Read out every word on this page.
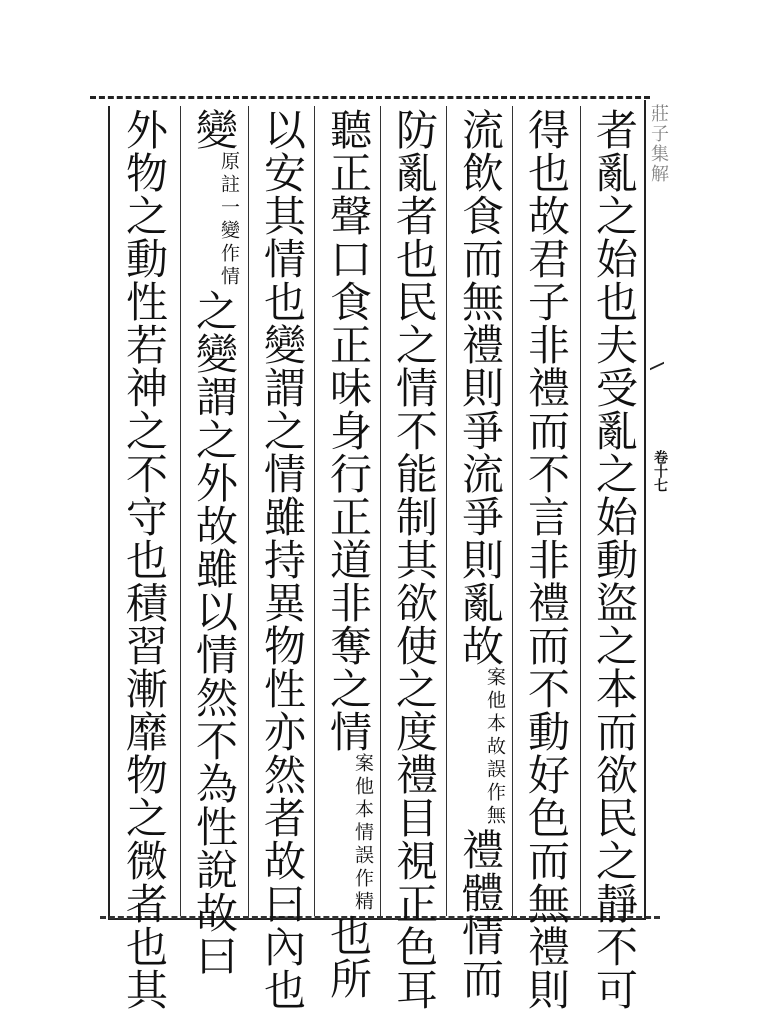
莊子集解
卷十七
者亂之始也夫受亂之始動盜之本而欲民之靜不可
得也故君子非禮而不言非禮而不動好色而無禮則
流飲食而無禮則爭流爭則亂故案他本故誤作無禮體情而
防亂者也民之情不能制其欲使之度禮目視正色耳
聽正聲口食正味身行正道非奪之情案他本情誤作精也所
以安其情也變謂之情雖持異物性亦然者故曰內也
變原註一變作情之變謂之外故雖以情然不為性說故曰
外物之動性若神之不守也積習漸靡物之微者也其
